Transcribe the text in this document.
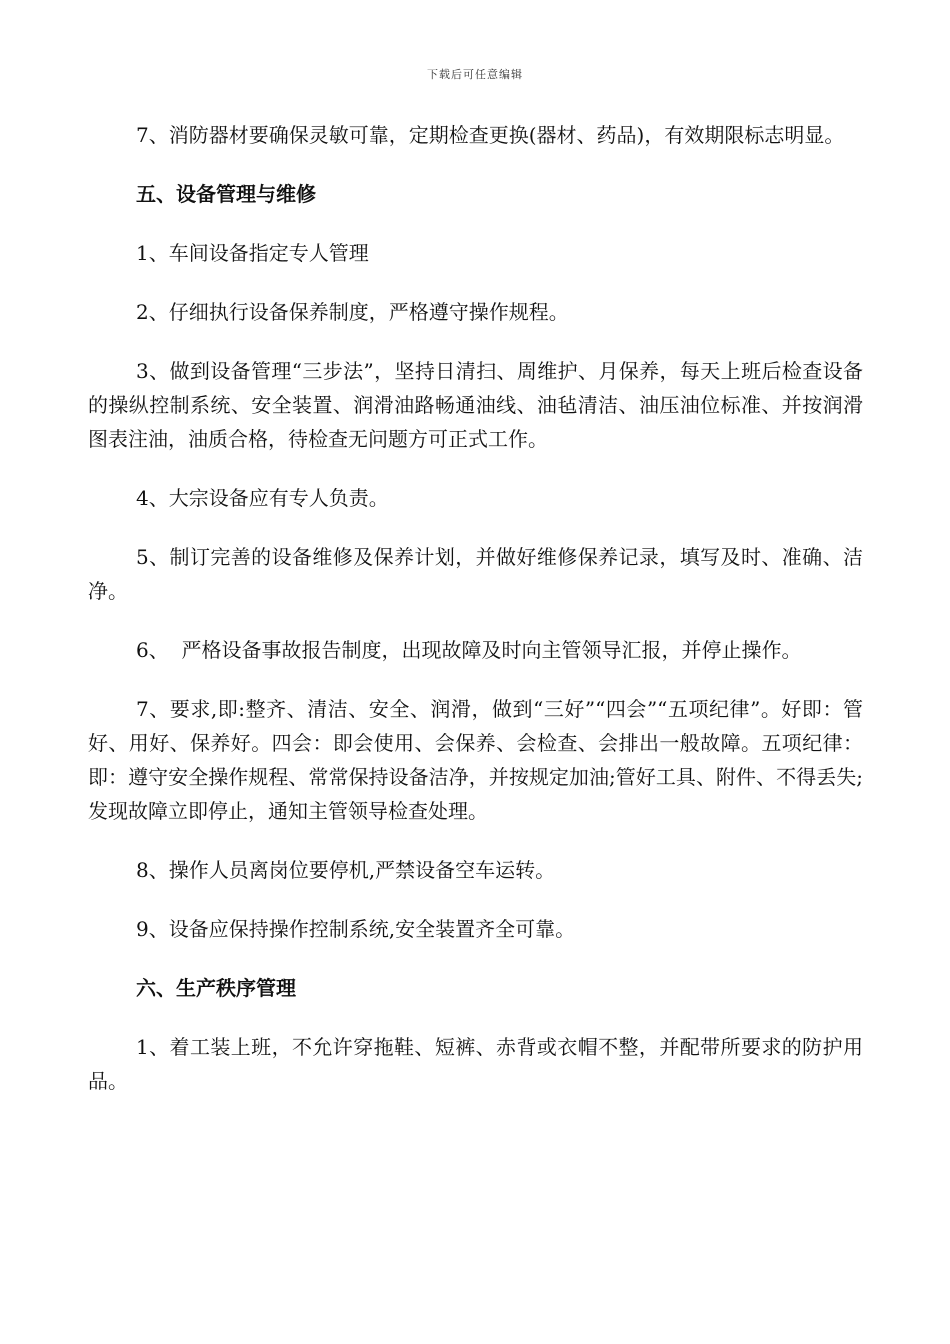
下载后可任意编辑

7、消防器材要确保灵敏可靠，定期检查更换(器材、药品)，有效期限标志明显。

五、设备管理与维修

1、车间设备指定专人管理

2、仔细执行设备保养制度，严格遵守操作规程。

3、做到设备管理“三步法”，坚持日清扫、周维护、月保养，每天上班后检查设备的操纵控制系统、安全装置、润滑油路畅通油线、油毡清洁、油压油位标准、并按润滑图表注油，油质合格，待检查无问题方可正式工作。

4、大宗设备应有专人负责。

5、制订完善的设备维修及保养计划，并做好维修保养记录，填写及时、准确、洁净。

6、  严格设备事故报告制度，出现故障及时向主管领导汇报，并停止操作。

7、要求,即:整齐、清洁、安全、润滑，做到“三好”“四会”“五项纪律”。好即：管好、用好、保养好。四会：即会使用、会保养、会检查、会排出一般故障。五项纪律：即：遵守安全操作规程、常常保持设备洁净，并按规定加油;管好工具、附件、不得丢失;发现故障立即停止，通知主管领导检查处理。

8、操作人员离岗位要停机,严禁设备空车运转。

9、设备应保持操作控制系统,安全装置齐全可靠。

六、生产秩序管理

1、着工装上班，不允许穿拖鞋、短裤、赤背或衣帽不整，并配带所要求的防护用品。
